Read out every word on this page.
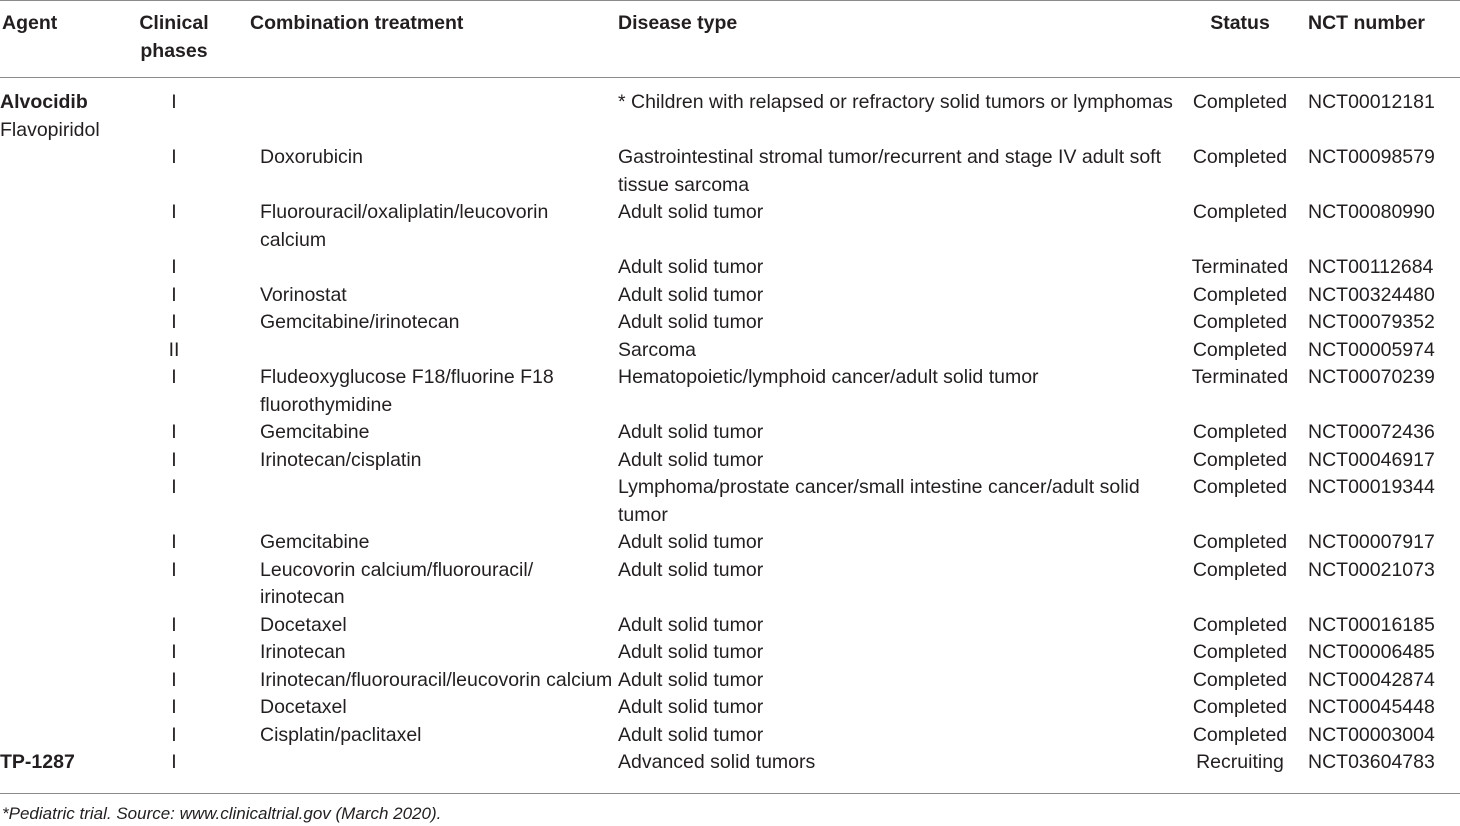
Agent	Clinical phases		Combination treatment	Disease type	Status	NCT number

Alvocidib
Flavopiridol	I			* Children with relapsed or refractory solid tumors or lymphomas	Completed	NCT00012181

	I		Doxorubicin	Gastrointestinal stromal tumor/recurrent and stage IV adult soft tissue sarcoma	Completed	NCT00098579

	I		Fluorouracil/oxaliplatin/leucovorin calcium	Adult solid tumor	Completed	NCT00080990

	I			Adult solid tumor	Terminated	NCT00112684

	I		Vorinostat	Adult solid tumor	Completed	NCT00324480

	I		Gemcitabine/irinotecan	Adult solid tumor	Completed	NCT00079352

	II			Sarcoma	Completed	NCT00005974

	I		Fludeoxyglucose F18/fluorine F18 fluorothymidine	Hematopoietic/lymphoid cancer/adult solid tumor	Terminated	NCT00070239

	I		Gemcitabine	Adult solid tumor	Completed	NCT00072436

	I		Irinotecan/cisplatin	Adult solid tumor	Completed	NCT00046917

	I			Lymphoma/prostate cancer/small intestine cancer/adult solid tumor	Completed	NCT00019344

	I		Gemcitabine	Adult solid tumor	Completed	NCT00007917

	I		Leucovorin calcium/fluorouracil/ irinotecan	Adult solid tumor	Completed	NCT00021073

	I		Docetaxel	Adult solid tumor	Completed	NCT00016185

	I		Irinotecan	Adult solid tumor	Completed	NCT00006485

	I		Irinotecan/fluorouracil/leucovorin calcium	Adult solid tumor	Completed	NCT00042874

	I		Docetaxel	Adult solid tumor	Completed	NCT00045448

	I		Cisplatin/paclitaxel	Adult solid tumor	Completed	NCT00003004

TP-1287	I			Advanced solid tumors	Recruiting	NCT03604783
*Pediatric trial. Source: www.clinicaltrial.gov (March 2020).
